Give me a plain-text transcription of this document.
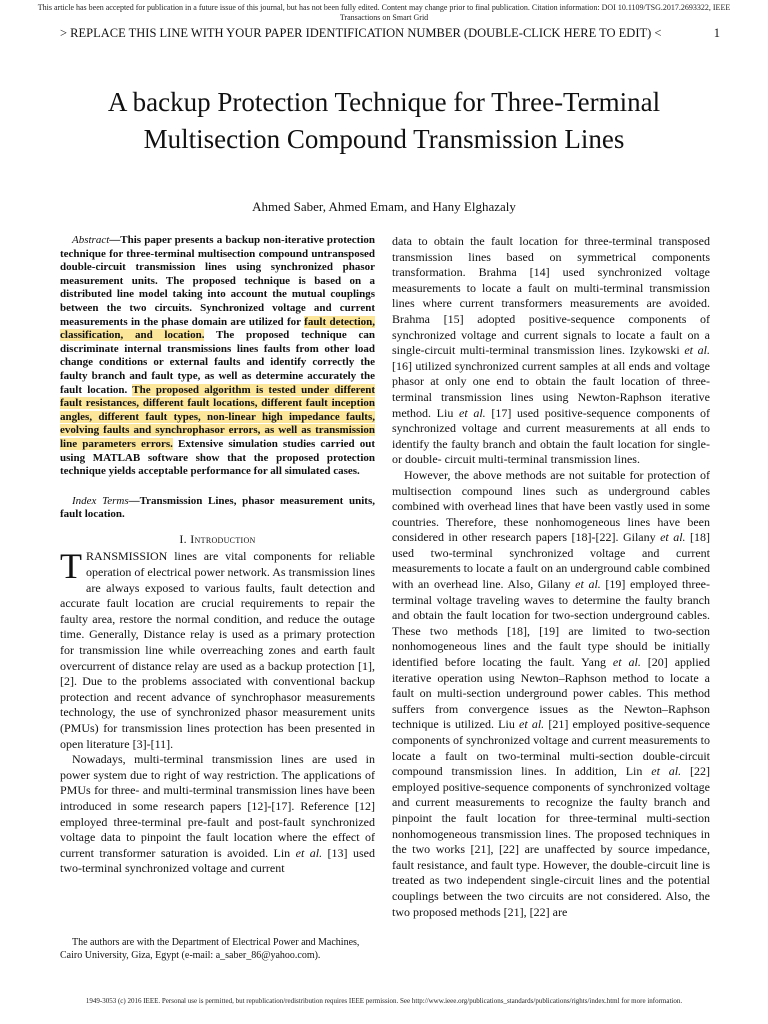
This article has been accepted for publication in a future issue of this journal, but has not been fully edited. Content may change prior to final publication. Citation information: DOI 10.1109/TSG.2017.2693322, IEEE Transactions on Smart Grid
> REPLACE THIS LINE WITH YOUR PAPER IDENTIFICATION NUMBER (DOUBLE-CLICK HERE TO EDIT) <	1
A backup Protection Technique for Three-Terminal Multisection Compound Transmission Lines
Ahmed Saber, Ahmed Emam, and Hany Elghazaly

Abstract—This paper presents a backup non-iterative protection technique for three-terminal multisection compound untransposed double-circuit transmission lines using synchronized phasor measurement units. The proposed technique is based on a distributed line model taking into account the mutual couplings between the two circuits. Synchronized voltage and current measurements in the phase domain are utilized for fault detection, classification, and location. The proposed technique can discriminate internal transmissions lines faults from other load change conditions or external faults and identify correctly the faulty branch and fault type, as well as determine accurately the fault location. The proposed algorithm is tested under different fault resistances, different fault locations, different fault inception angles, different fault types, non-linear high impedance faults, evolving faults and synchrophasor errors, as well as transmission line parameters errors. Extensive simulation studies carried out using MATLAB software show that the proposed protection technique yields acceptable performance for all simulated cases.

Index Terms—Transmission Lines, phasor measurement units, fault location.

I. Introduction

TRANSMISSION lines are vital components for reliable operation of electrical power network. As transmission lines are always exposed to various faults, fault detection and accurate fault location are crucial requirements to repair the faulty area, restore the normal condition, and reduce the outage time. Generally, Distance relay is used as a primary protection for transmission line while overreaching zones and earth fault overcurrent of distance relay are used as a backup protection [1], [2]. Due to the problems associated with conventional backup protection and recent advance of synchrophasor measurements technology, the use of synchronized phasor measurement units (PMUs) for transmission lines protection has been presented in open literature [3]-[11].

Nowadays, multi-terminal transmission lines are used in power system due to right of way restriction. The applications of PMUs for three- and multi-terminal transmission lines have been introduced in some research papers [12]-[17]. Reference [12] employed three-terminal pre-fault and post-fault synchronized voltage data to pinpoint the fault location where the effect of current transformer saturation is avoided. Lin et al. [13] used two-terminal synchronized voltage and current

data to obtain the fault location for three-terminal transposed transmission lines based on symmetrical components transformation. Brahma [14] used synchronized voltage measurements to locate a fault on multi-terminal transmission lines where current transformers measurements are avoided. Brahma [15] adopted positive-sequence components of synchronized voltage and current signals to locate a fault on a single-circuit multi-terminal transmission lines. Izykowski et al. [16] utilized synchronized current samples at all ends and voltage phasor at only one end to obtain the fault location of three-terminal transmission lines using Newton-Raphson iterative method. Liu et al. [17] used positive-sequence components of synchronized voltage and current measurements at all ends to identify the faulty branch and obtain the fault location for single- or double- circuit multi-terminal transmission lines.

However, the above methods are not suitable for protection of multisection compound lines such as underground cables combined with overhead lines that have been vastly used in some countries. Therefore, these nonhomogeneous lines have been considered in other research papers [18]-[22]. Gilany et al. [18] used two-terminal synchronized voltage and current measurements to locate a fault on an underground cable combined with an overhead line. Also, Gilany et al. [19] employed three-terminal voltage traveling waves to determine the faulty branch and obtain the fault location for two-section underground cables. These two methods [18], [19] are limited to two-section nonhomogeneous lines and the fault type should be initially identified before locating the fault. Yang et al. [20] applied iterative operation using Newton–Raphson method to locate a fault on multi-section underground power cables. This method suffers from convergence issues as the Newton–Raphson technique is utilized. Liu et al. [21] employed positive-sequence components of synchronized voltage and current measurements to locate a fault on two-terminal multi-section double-circuit compound transmission lines. In addition, Lin et al. [22] employed positive-sequence components of synchronized voltage and current measurements to recognize the faulty branch and pinpoint the fault location for three-terminal multi-section nonhomogeneous transmission lines. The proposed techniques in the two works [21], [22] are unaffected by source impedance, fault resistance, and fault type. However, the double-circuit line is treated as two independent single-circuit lines and the potential couplings between the two circuits are not considered. Also, the two proposed methods [21], [22] are

The authors are with the Department of Electrical Power and Machines, Cairo University, Giza, Egypt (e-mail: a_saber_86@yahoo.com).
1949-3053 (c) 2016 IEEE. Personal use is permitted, but republication/redistribution requires IEEE permission. See http://www.ieee.org/publications_standards/publications/rights/index.html for more information.
